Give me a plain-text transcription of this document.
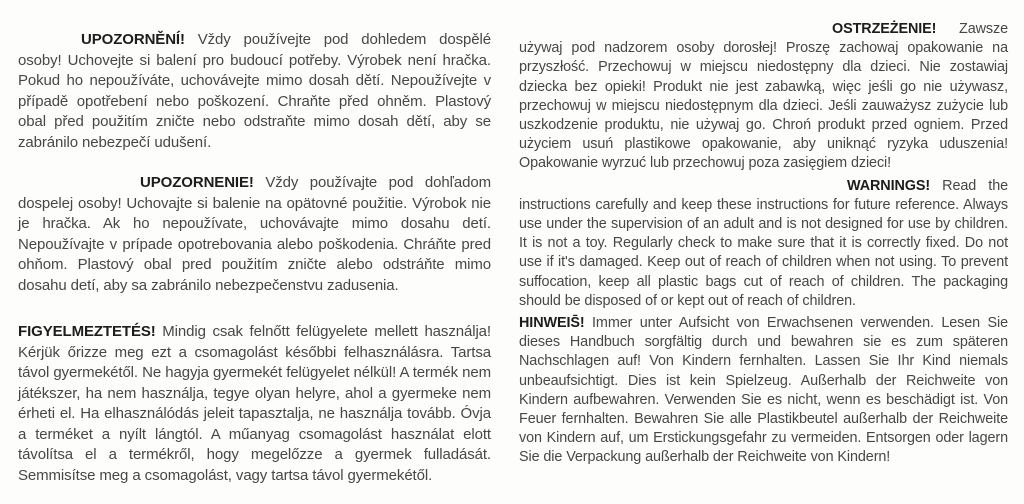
UPOZORNĚNÍ! Vždy používejte pod dohledem dospělé osoby! Uchovejte si balení pro budoucí potřeby. Výrobek není hračka. Pokud ho nepoužíváte, uchovávejte mimo dosah dětí. Nepoužívejte v případě opotřebení nebo poškození. Chraňte před ohněm. Plastový obal před použitím zničte nebo odstraňte mimo dosah dětí, aby se zabránilo nebezpečí udušení.

UPOZORNENIE! Vždy používajte pod dohľadom dospelej osoby! Uchovajte si balenie na opätovné použitie. Výrobok nie je hračka. Ak ho nepoužívate, uchovávajte mimo dosahu detí. Nepoužívajte v prípade opotrebovania alebo poškodenia. Chráňte pred ohňom. Plastový obal pred použitím zničte alebo odstráňte mimo dosahu detí, aby sa zabránilo nebezpečenstvu zadusenia.

FIGYELMEZTETÉS! Mindig csak felnőtt felügyelete mellett használja! Kérjük őrizze meg ezt a csomagolást későbbi felhasználásra. Tartsa távol gyermekétől. Ne hagyja gyermekét felügyelet nélkül! A termék nem játékszer, ha nem használja, tegye olyan helyre, ahol a gyermeke nem érheti el. Ha elhasználódás jeleit tapasztalja, ne használja tovább. Óvja a terméket a nyílt lángtól. A műanyag csomagolást használat elott távolítsa el a termékről, hogy megelőzze a gyermek fulladását. Semmisítse meg a csomagolást, vagy tartsa távol gyermekétől.

OSTRZEŻENIE! Zawsze używaj pod nadzorem osoby dorosłej! Proszę zachowaj opakowanie na przyszłość. Przechowuj w miejscu niedostępny dla dzieci. Nie zostawiaj dziecka bez opieki! Produkt nie jest zabawką, więc jeśli go nie używasz, przechowuj w miejscu niedostępnym dla dzieci. Jeśli zauważysz zużycie lub uszkodzenie produktu, nie używaj go. Chroń produkt przed ogniem. Przed użyciem usuń plastikowe opakowanie, aby uniknąć ryzyka uduszenia! Opakowanie wyrzuć lub przechowuj poza zasięgiem dzieci!

WARNINGS! Read the instructions carefully and keep these instructions for future reference. Always use under the supervision of an adult and is not designed for use by children. It is not a toy. Regularly check to make sure that it is correctly fixed. Do not use if it's damaged. Keep out of reach of children when not using. To prevent suffocation, keep all plastic bags cut of reach of children. The packaging should be disposed of or kept out of reach of children.

HINWEIS̄! Immer unter Aufsicht von Erwachsenen verwenden. Lesen Sie dieses Handbuch sorgfältig durch und bewahren sie es zum späteren Nachschlagen auf! Von Kindern fernhalten. Lassen Sie Ihr Kind niemals unbeaufsichtigt. Dies ist kein Spielzeug. Außerhalb der Reichweite von Kindern aufbewahren. Verwenden Sie es nicht, wenn es beschädigt ist. Von Feuer fernhalten. Bewahren Sie alle Plastikbeutel außerhalb der Reichweite von Kindern auf, um Erstickungsgefahr zu vermeiden. Entsorgen oder lagern Sie die Verpackung außerhalb der Reichweite von Kindern!
